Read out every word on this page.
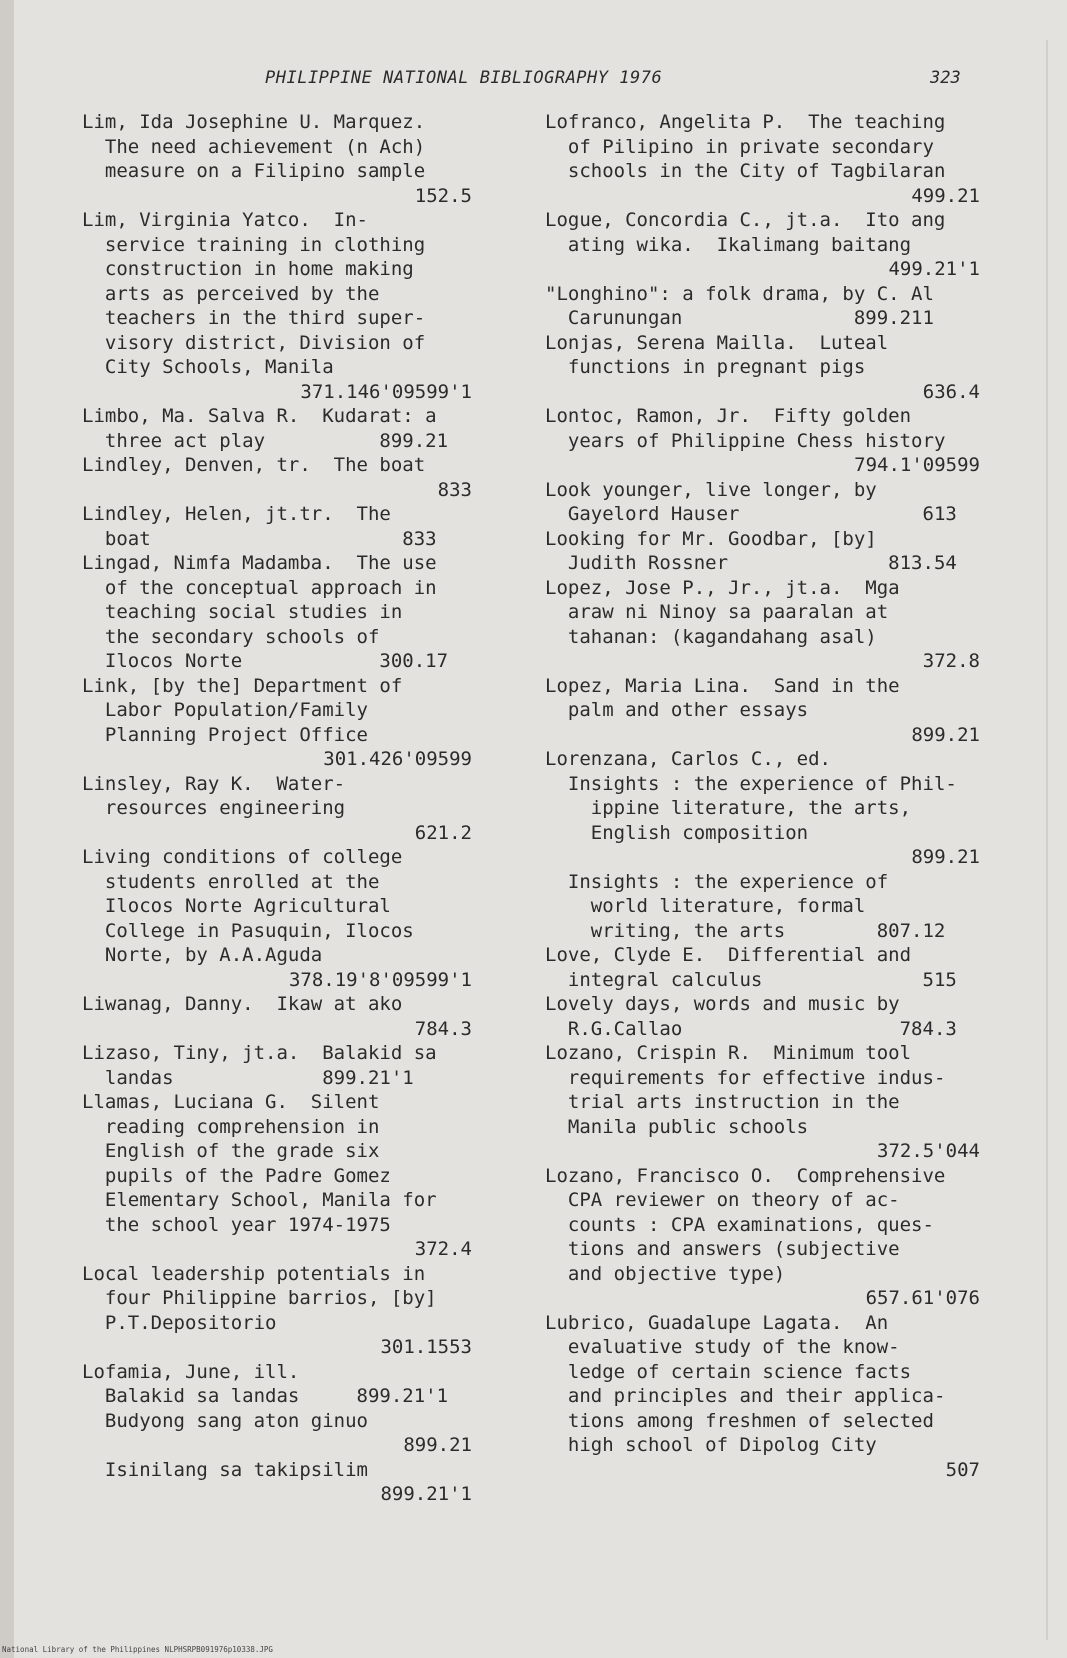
PHILIPPINE NATIONAL BIBLIOGRAPHY 1976	323
Lim, Ida Josephine U. Marquez.
The need achievement (n Ach)
measure on a Filipino sample
152.5
Lim, Virginia Yatco.  In-
service training in clothing
construction in home making
arts as perceived by the
teachers in the third super-
visory district, Division of
City Schools, Manila
371.146'09599'1
Limbo, Ma. Salva R.  Kudarat: a
three act play          899.21
Lindley, Denven, tr.  The boat
833
Lindley, Helen, jt.tr.  The
boat                      833
Lingad, Nimfa Madamba.  The use
of the conceptual approach in
teaching social studies in
the secondary schools of
Ilocos Norte            300.17
Link, [by the] Department of
Labor Population/Family
Planning Project Office
301.426'09599
Linsley, Ray K.  Water-
resources engineering
621.2
Living conditions of college
students enrolled at the
Ilocos Norte Agricultural
College in Pasuquin, Ilocos
Norte, by A.A.Aguda
378.19'8'09599'1
Liwanag, Danny.  Ikaw at ako
784.3
Lizaso, Tiny, jt.a.  Balakid sa
landas             899.21'1
Llamas, Luciana G.  Silent
reading comprehension in
English of the grade six
pupils of the Padre Gomez
Elementary School, Manila for
the school year 1974-1975
372.4
Local leadership potentials in
four Philippine barrios, [by]
P.T.Depositorio
301.1553
Lofamia, June, ill.
Balakid sa landas     899.21'1
Budyong sang aton ginuo
899.21
Isinilang sa takipsilim
899.21'1
Lofranco, Angelita P.  The teaching
of Pilipino in private secondary
schools in the City of Tagbilaran
499.21
Logue, Concordia C., jt.a.  Ito ang
ating wika.  Ikalimang baitang
499.21'1
"Longhino": a folk drama, by C. Al
Carunungan               899.211
Lonjas, Serena Mailla.  Luteal
functions in pregnant pigs
636.4
Lontoc, Ramon, Jr.  Fifty golden
years of Philippine Chess history
794.1'09599
Look younger, live longer, by
Gayelord Hauser                613
Looking for Mr. Goodbar, [by]
Judith Rossner              813.54
Lopez, Jose P., Jr., jt.a.  Mga
araw ni Ninoy sa paaralan at
tahanan: (kagandahang asal)
372.8
Lopez, Maria Lina.  Sand in the
palm and other essays
899.21
Lorenzana, Carlos C., ed.
Insights : the experience of Phil-
ippine literature, the arts,
English composition
899.21
Insights : the experience of
world literature, formal
writing, the arts        807.12
Love, Clyde E.  Differential and
integral calculus              515
Lovely days, words and music by
R.G.Callao                   784.3
Lozano, Crispin R.  Minimum tool
requirements for effective indus-
trial arts instruction in the
Manila public schools
372.5'044
Lozano, Francisco O.  Comprehensive
CPA reviewer on theory of ac-
counts : CPA examinations, ques-
tions and answers (subjective
and objective type)
657.61'076
Lubrico, Guadalupe Lagata.  An
evaluative study of the know-
ledge of certain science facts
and principles and their applica-
tions among freshmen of selected
high school of Dipolog City
507
National Library of the Philippines NLPHSRPB091976p10338.JPG
